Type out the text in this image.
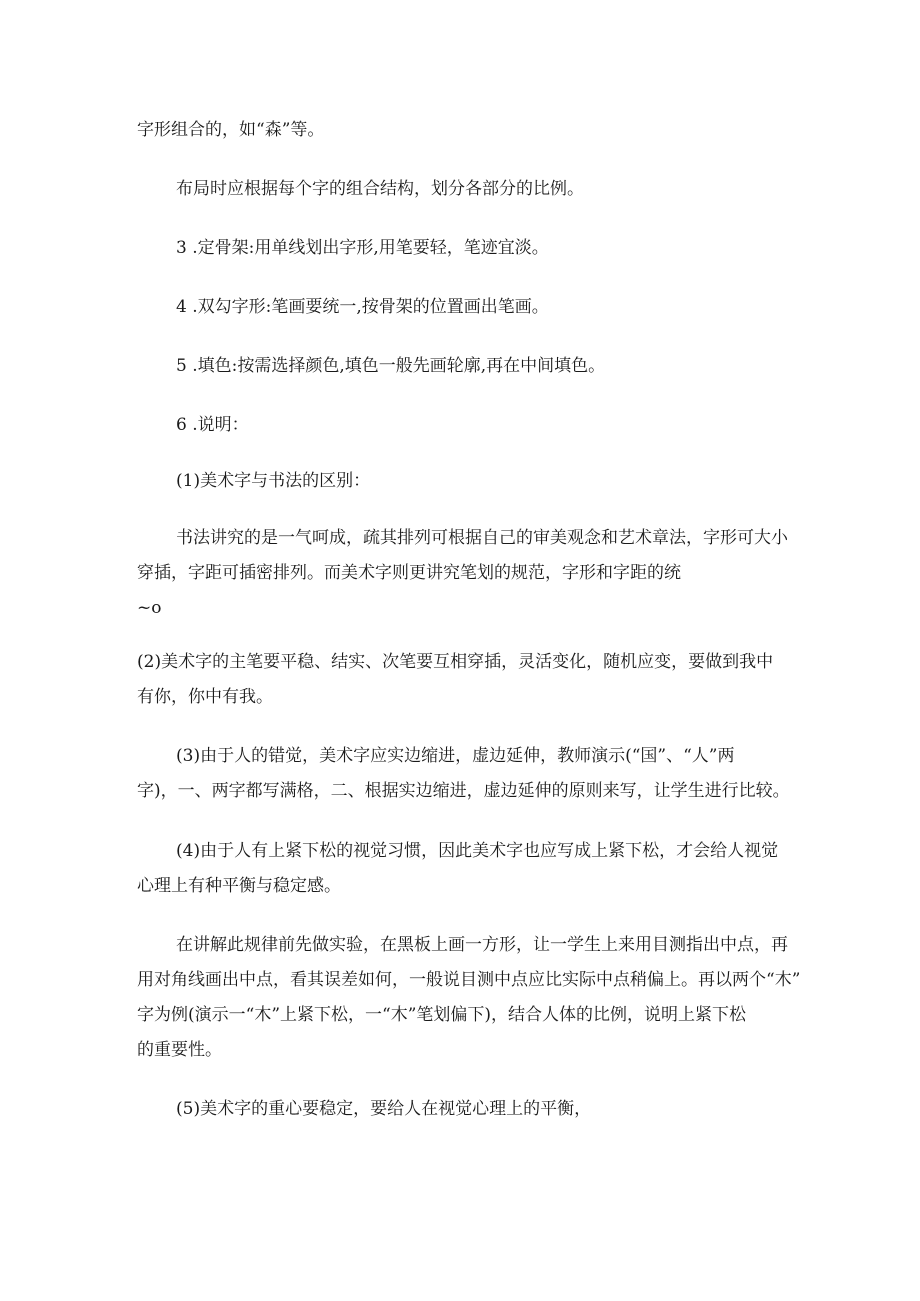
字形组合的，如“森”等。
布局时应根据每个字的组合结构，划分各部分的比例。
3 .定骨架:用单线划出字形,用笔要轻，笔迹宜淡。
4 .双勾字形:笔画要统一,按骨架的位置画出笔画。
5 .填色:按需选择颜色,填色一般先画轮廓,再在中间填色。
6 .说明：
(1)美术字与书法的区别：
书法讲究的是一气呵成，疏其排列可根据自己的审美观念和艺术章法，字形可大小
穿插，字距可插密排列。而美术字则更讲究笔划的规范，字形和字距的统
~o
(2)美术字的主笔要平稳、结实、次笔要互相穿插，灵活变化，随机应变，要做到我中
有你，你中有我。
(3)由于人的错觉，美术字应实边缩进，虚边延伸，教师演示(“国”、“人”两
字)，一、两字都写满格，二、根据实边缩进，虚边延伸的原则来写，让学生进行比较。
(4)由于人有上紧下松的视觉习惯，因此美术字也应写成上紧下松，才会给人视觉
心理上有种平衡与稳定感。
在讲解此规律前先做实验，在黑板上画一方形，让一学生上来用目测指出中点，再
用对角线画出中点，看其误差如何，一般说目测中点应比实际中点稍偏上。再以两个“木”
字为例(演示一“木”上紧下松，一“木”笔划偏下)，结合人体的比例，说明上紧下松
的重要性。
(5)美术字的重心要稳定，要给人在视觉心理上的平衡，
